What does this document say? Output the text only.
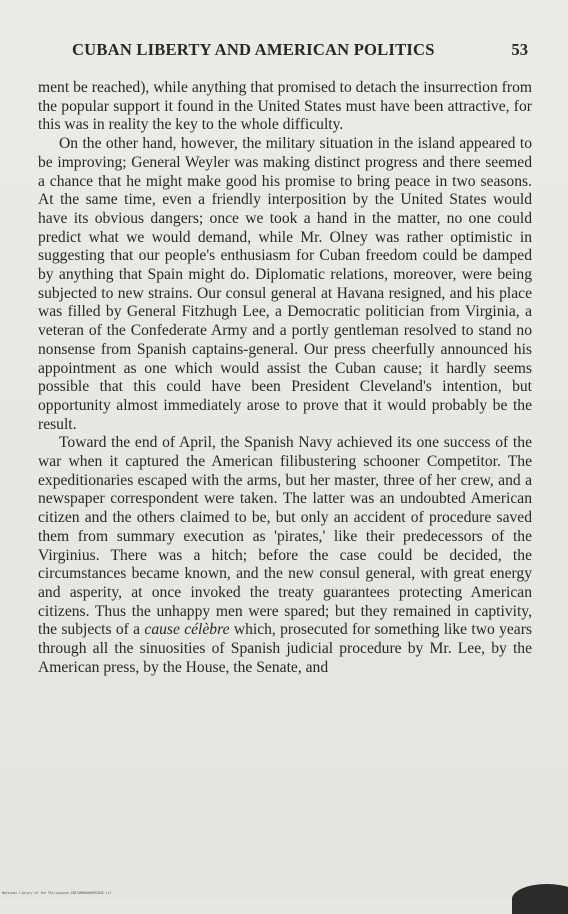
CUBAN LIBERTY AND AMERICAN POLITICS	53

ment be reached), while anything that promised to detach the insurrection from the popular support it found in the United States must have been attractive, for this was in reality the key to the whole difficulty.

On the other hand, however, the military situation in the island appeared to be improving; General Weyler was making distinct progress and there seemed a chance that he might make good his promise to bring peace in two seasons. At the same time, even a friendly interposition by the United States would have its obvious dangers; once we took a hand in the matter, no one could predict what we would demand, while Mr. Olney was rather optimistic in suggesting that our people's enthusiasm for Cuban freedom could be damped by anything that Spain might do. Diplomatic relations, moreover, were being subjected to new strains. Our consul general at Havana resigned, and his place was filled by General Fitzhugh Lee, a Democratic politician from Virginia, a veteran of the Confederate Army and a portly gentleman resolved to stand no nonsense from Spanish captains-general. Our press cheerfully announced his appointment as one which would assist the Cuban cause; it hardly seems possible that this could have been President Cleveland's intention, but opportunity almost immediately arose to prove that it would probably be the result.

Toward the end of April, the Spanish Navy achieved its one success of the war when it captured the American filibustering schooner Competitor. The expeditionaries escaped with the arms, but her master, three of her crew, and a newspaper correspondent were taken. The latter was an undoubted American citizen and the others claimed to be, but only an accident of procedure saved them from summary execution as 'pirates,' like their predecessors of the Virginius. There was a hitch; before the case could be decided, the circumstances became known, and the new consul general, with great energy and asperity, at once invoked the treaty guarantees protecting American citizens. Thus the unhappy men were spared; but they remained in captivity, the subjects of a cause célèbre which, prosecuted for something like two years through all the sinuosities of Spanish judicial procedure by Mr. Lee, by the American press, by the House, the Senate, and

National Library of the Philippines ENTSOMDOOOOPDSDGE Lil
